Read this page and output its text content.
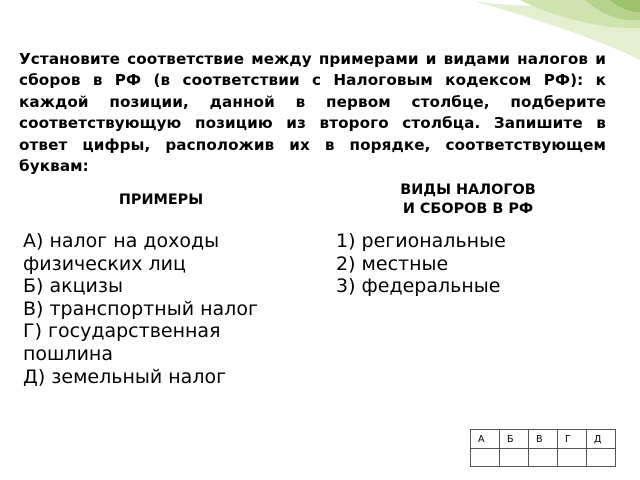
Установите соответствие между примерами и видами налогов и сборов в РФ (в соответствии с Налоговым кодексом РФ): к каждой позиции, данной в первом столбце, подберите соответствующую позицию из второго столбца. Запишите в ответ цифры, расположив их в порядке, соответствующем буквам:
ПРИМЕРЫ
ВИДЫ НАЛОГОВ
И СБОРОВ В РФ
А) налог на доходы
физических лиц
Б) акцизы
В) транспортный налог
Г) государственная
пошлина
Д) земельный налог
1) региональные
2) местные
3) федеральные
А	Б	В	Г	Д
